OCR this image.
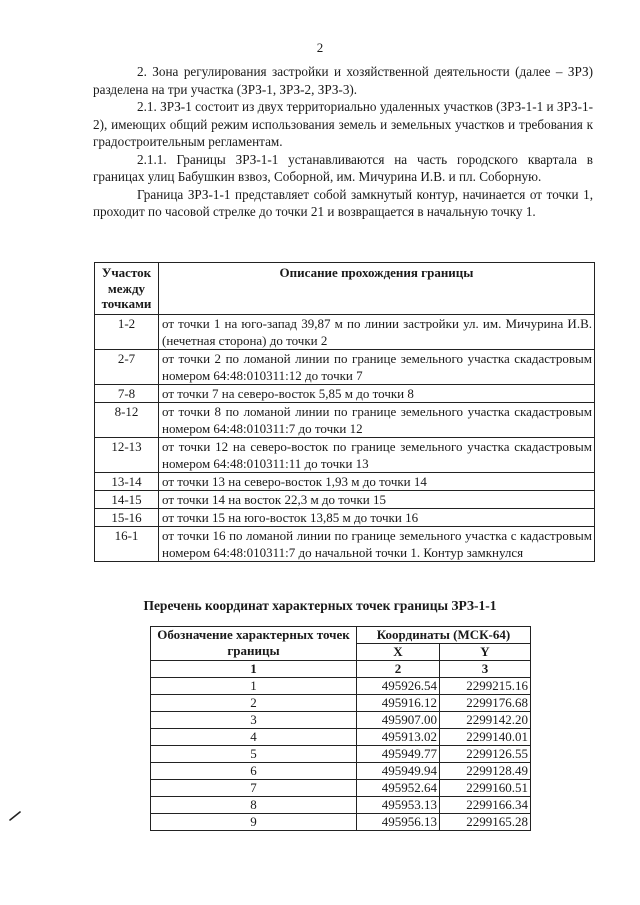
2

2. Зона регулирования застройки и хозяйственной деятельности (далее – ЗРЗ) разделена на три участка (ЗРЗ-1, ЗРЗ-2, ЗРЗ-3).

2.1. ЗРЗ-1 состоит из двух территориально удаленных участков (ЗРЗ-1-1 и ЗРЗ-1-2), имеющих общий режим использования земель и земельных участков и требования к градостроительным регламентам.

2.1.1. Границы ЗРЗ-1-1 устанавливаются на часть городского квартала в границах улиц Бабушкин взвоз, Соборной, им. Мичурина И.В. и пл. Соборную.

Граница ЗРЗ-1-1 представляет собой замкнутый контур, начинается от точки 1, проходит по часовой стрелке до точки 21 и возвращается в начальную точку 1.

Участок между точками	Описание прохождения границы
1-2	от точки 1 на юго-запад 39,87 м по линии застройки ул. им. Мичурина И.В. (нечетная сторона) до точки 2
2-7	от точки 2 по ломаной линии по границе земельного участка скадастровым номером 64:48:010311:12 до точки 7
7-8	от точки 7 на северо-восток 5,85 м до точки 8
8-12	от точки 8 по ломаной линии по границе земельного участка скадастровым номером 64:48:010311:7 до точки 12
12-13	от точки 12 на северо-восток по границе земельного участка скадастровым номером 64:48:010311:11 до точки 13
13-14	от точки 13 на северо-восток 1,93 м до точки 14
14-15	от точки 14 на восток 22,3 м до точки 15
15-16	от точки 15 на юго-восток 13,85 м до точки 16
16-1	от точки 16 по ломаной линии по границе земельного участка с кадастровым номером 64:48:010311:7 до начальной точки 1. Контур замкнулся
Перечень координат характерных точек границы ЗРЗ-1-1
Обозначение характерных точек границы	Координаты (МСК-64)	
	X	Y
1	2	3
1	495926.54	2299215.16
2	495916.12	2299176.68
3	495907.00	2299142.20
4	495913.02	2299140.01
5	495949.77	2299126.55
6	495949.94	2299128.49
7	495952.64	2299160.51
8	495953.13	2299166.34
9	495956.13	2299165.28
